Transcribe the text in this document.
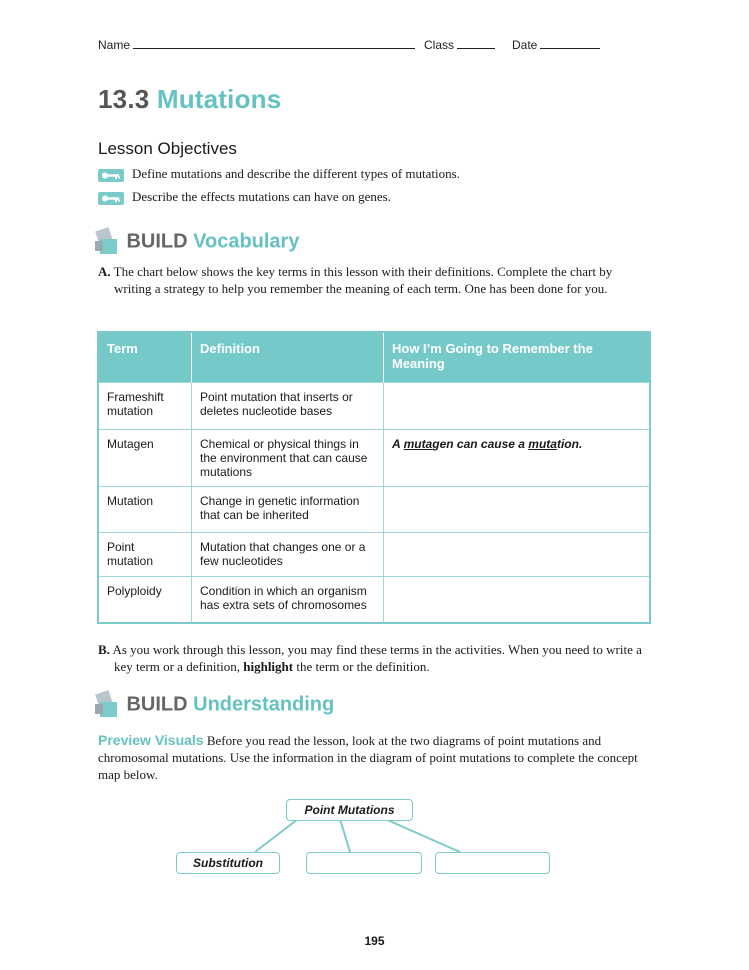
Name	Class	Date
13.3 Mutations
Lesson Objectives
Define mutations and describe the different types of mutations.
Describe the effects mutations can have on genes.
BUILD Vocabulary
A. The chart below shows the key terms in this lesson with their definitions. Complete the chart by writing a strategy to help you remember the meaning of each term. One has been done for you.
Term	Definition	How I’m Going to Remember the Meaning
Frameshift mutation	Point mutation that inserts or deletes nucleotide bases	
Mutagen	Chemical or physical things in the environment that can cause mutations	A mutagen can cause a mutation.
Mutation	Change in genetic information that can be inherited	
Point mutation	Mutation that changes one or a few nucleotides	
Polyploidy	Condition in which an organism has extra sets of chromosomes	
B. As you work through this lesson, you may find these terms in the activities. When you need to write a key term or a definition, highlight the term or the definition.
BUILD Understanding
Preview Visuals Before you read the lesson, look at the two diagrams of point mutations and chromosomal mutations. Use the information in the diagram of point mutations to complete the concept map below.
Point Mutations
Substitution
195
